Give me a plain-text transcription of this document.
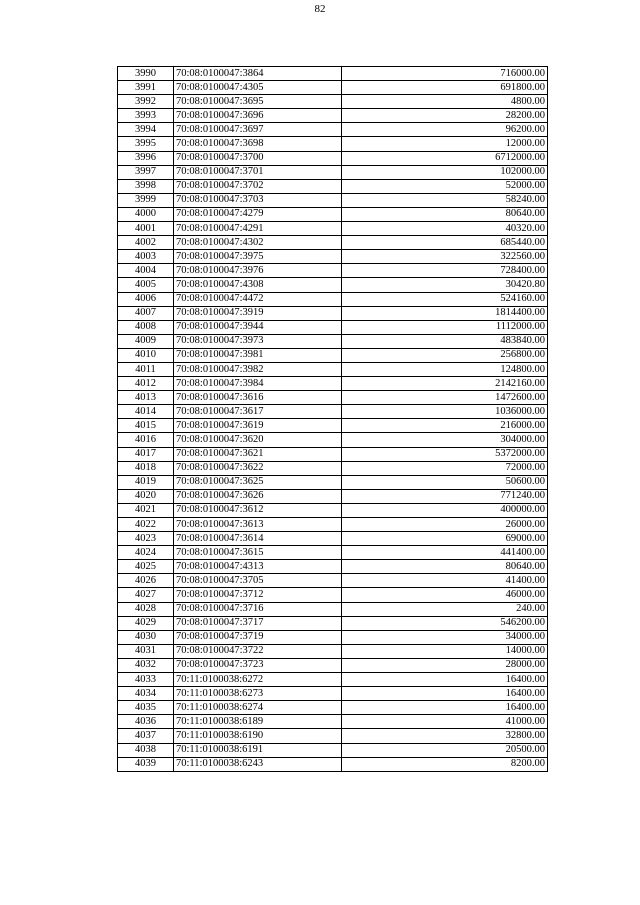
82
3990	70:08:0100047:3864	716000.00
3991	70:08:0100047:4305	691800.00
3992	70:08:0100047:3695	4800.00
3993	70:08:0100047:3696	28200.00
3994	70:08:0100047:3697	96200.00
3995	70:08:0100047:3698	12000.00
3996	70:08:0100047:3700	6712000.00
3997	70:08:0100047:3701	102000.00
3998	70:08:0100047:3702	52000.00
3999	70:08:0100047:3703	58240.00
4000	70:08:0100047:4279	80640.00
4001	70:08:0100047:4291	40320.00
4002	70:08:0100047:4302	685440.00
4003	70:08:0100047:3975	322560.00
4004	70:08:0100047:3976	728400.00
4005	70:08:0100047:4308	30420.80
4006	70:08:0100047:4472	524160.00
4007	70:08:0100047:3919	1814400.00
4008	70:08:0100047:3944	1112000.00
4009	70:08:0100047:3973	483840.00
4010	70:08:0100047:3981	256800.00
4011	70:08:0100047:3982	124800.00
4012	70:08:0100047:3984	2142160.00
4013	70:08:0100047:3616	1472600.00
4014	70:08:0100047:3617	1036000.00
4015	70:08:0100047:3619	216000.00
4016	70:08:0100047:3620	304000.00
4017	70:08:0100047:3621	5372000.00
4018	70:08:0100047:3622	72000.00
4019	70:08:0100047:3625	50600.00
4020	70:08:0100047:3626	771240.00
4021	70:08:0100047:3612	400000.00
4022	70:08:0100047:3613	26000.00
4023	70:08:0100047:3614	69000.00
4024	70:08:0100047:3615	441400.00
4025	70:08:0100047:4313	80640.00
4026	70:08:0100047:3705	41400.00
4027	70:08:0100047:3712	46000.00
4028	70:08:0100047:3716	240.00
4029	70:08:0100047:3717	546200.00
4030	70:08:0100047:3719	34000.00
4031	70:08:0100047:3722	14000.00
4032	70:08:0100047:3723	28000.00
4033	70:11:0100038:6272	16400.00
4034	70:11:0100038:6273	16400.00
4035	70:11:0100038:6274	16400.00
4036	70:11:0100038:6189	41000.00
4037	70:11:0100038:6190	32800.00
4038	70:11:0100038:6191	20500.00
4039	70:11:0100038:6243	8200.00
